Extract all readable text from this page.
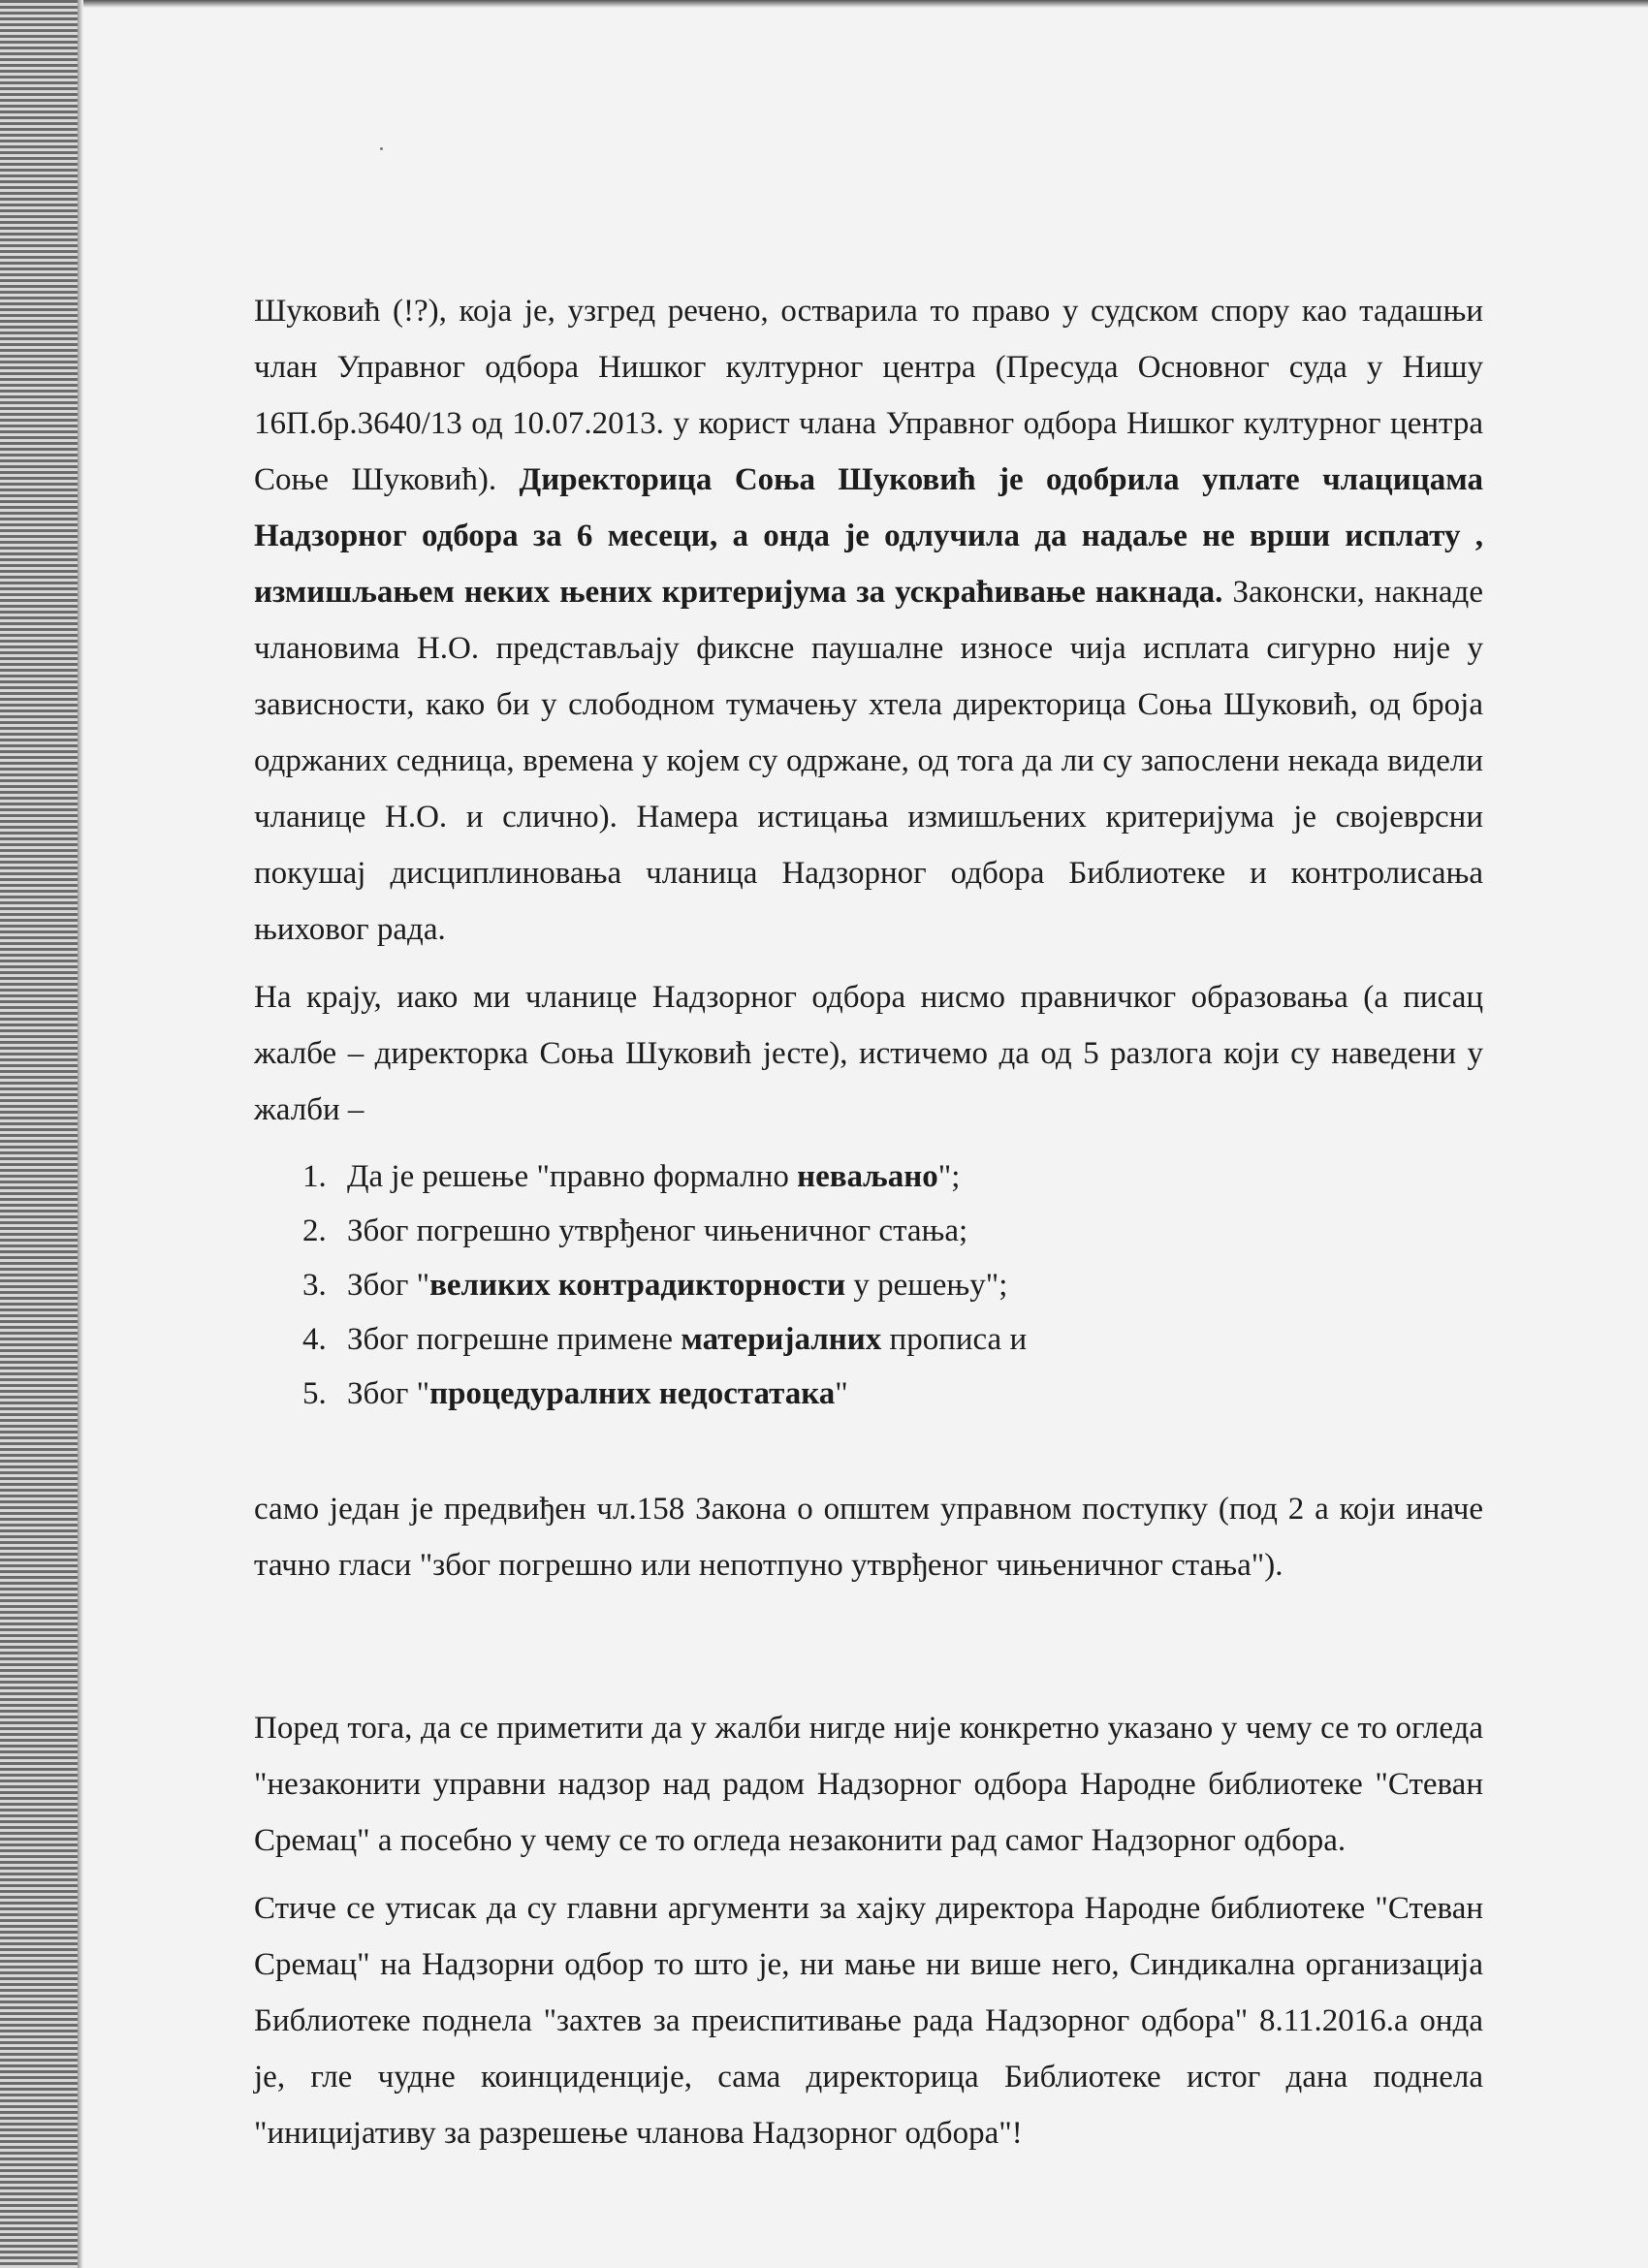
Шуковић (!?), која је, узгред речено, остварила то право у судском спору као тадашњи члан Управног одбора Нишког културног центра (Пресуда Основног суда у Нишу 16П.бр.3640/13 од 10.07.2013. у корист члана Управног одбора Нишког културног центра Соње Шуковић). Директорица Соња Шуковић је одобрила уплате члацицама Надзорног одбора за 6 месеци, а онда је одлучила да надаље не врши исплату , измишљањем неких њених критеријума за ускраћивање накнада. Законски, накнаде члановима Н.О. представљају фиксне паушалне износе чија исплата сигурно није у зависности, како би у слободном тумачењу хтела директорица Соња Шуковић, од броја одржаних седница, времена у којем су одржане, од тога да ли су запослени некада видели чланице Н.О. и слично). Намера истицања измишљених критеријума је својеврсни покушај дисциплиновања чланица Надзорног одбора Библиотеке и контролисања њиховог рада.

На крају, иако ми чланице Надзорног одбора нисмо правничког образовања (а писац жалбе – директорка Соња Шуковић јесте), истичемо да од 5 разлога који су наведени у жалби –

1. Да је решење "правно формално неваљано";
2. Због погрешно утврђеног чињеничног стања;
3. Због "великих контрадикторности у решењу";
4. Због погрешне примене материјалних прописа и
5. Због "процедуралних недостатака"

само један је предвиђен чл.158 Закона о општем управном поступку (под 2 а који иначе тачно гласи "због погрешно или непотпуно утврђеног чињеничног стања").

Поред тога, да се приметити да у жалби нигде није конкретно указано у чему се то огледа "незаконити управни надзор над радом Надзорног одбора Народне библиотеке "Стеван Сремац" а посебно у чему се то огледа незаконити рад самог Надзорног одбора.

Стиче се утисак да су главни аргументи за хајку директора Народне библиотеке "Стеван Сремац" на Надзорни одбор то што је, ни мање ни више него, Синдикална организација Библиотеке поднела "захтев за преиспитивање рада Надзорног одбора" 8.11.2016.а онда је, гле чудне коинциденције, сама директорица Библиотеке истог дана поднела "иницијативу за разрешење чланова Надзорног одбора"!
